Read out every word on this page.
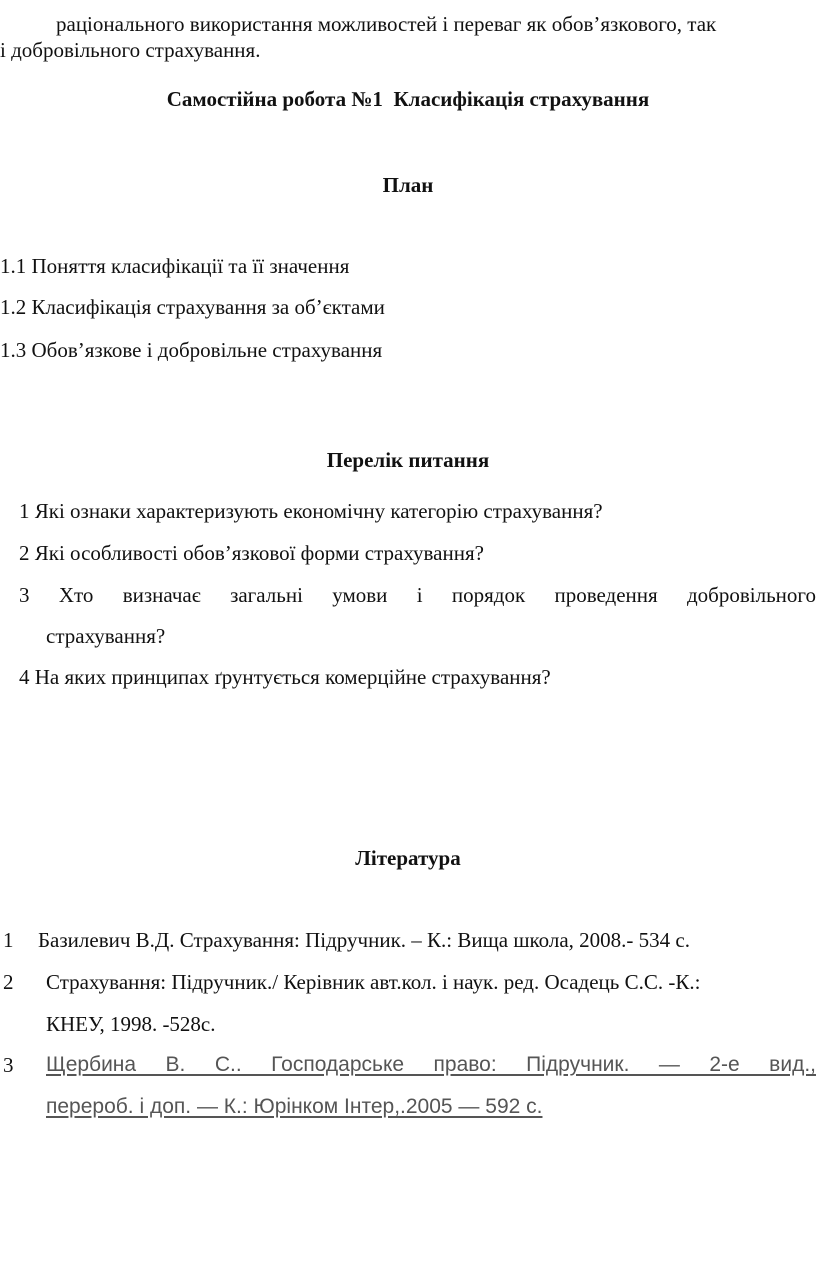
раціонального використання можливостей і переваг як обов’язкового, так
і добровільного страхування.
Самостійна робота №1 Класифікація страхування
План
1.1 Поняття класифікації та її значення
1.2 Класифікація страхування за об’єктами
1.3 Обов’язкове і добровільне страхування
Перелік питання
1 Які ознаки характеризують економічну категорію страхування?
2 Які особливості обов’язкової форми страхування?
3 Хто визначає загальні умови і порядок проведення добровільного
страхування?
4 На яких принципах ґрунтується комерційне страхування?
Література
1 Базилевич В.Д. Страхування: Підручник. – К.: Вища школа, 2008.- 534 с.
2 Страхування: Підручник./ Керівник авт.кол. і наук. ред. Осадець С.С. -К.:
КНЕУ, 1998. -528с.
3 Щербина В. С.. Господарське право: Підручник. — 2-е вид.,
перероб. і доп. — К.: Юрінком Інтер,.2005 — 592 с.
